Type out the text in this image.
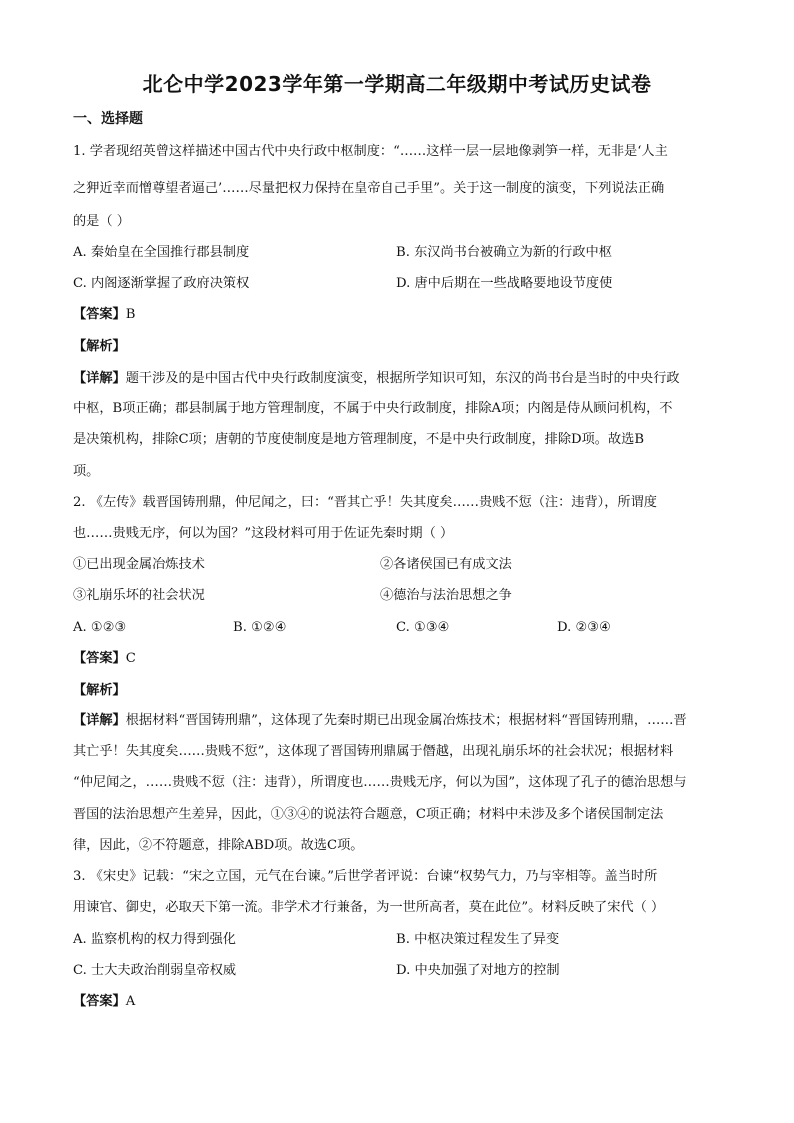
北仑中学2023学年第一学期高二年级期中考试历史试卷
一、选择题
1. 学者现绍英曾这样描述中国古代中央行政中枢制度：“……这样一层一层地像剥笋一样，无非是‘人主
之狎近幸而憎尊望者逼己’……尽量把权力保持在皇帝自己手里”。关于这一制度的演变，下列说法正确
的是（ ）
A. 秦始皇在全国推行郡县制度	B. 东汉尚书台被确立为新的行政中枢
C. 内阁逐渐掌握了政府决策权	D. 唐中后期在一些战略要地设节度使
【答案】B
【解析】
【详解】题干涉及的是中国古代中央行政制度演变，根据所学知识可知，东汉的尚书台是当时的中央行政
中枢，B项正确；郡县制属于地方管理制度，不属于中央行政制度，排除A项；内阁是侍从顾问机构，不
是决策机构，排除C项；唐朝的节度使制度是地方管理制度，不是中央行政制度，排除D项。故选B
项。
2. 《左传》载晋国铸刑鼎，仲尼闻之，曰：“晋其亡乎！失其度矣……贵贱不愆（注：违背），所谓度
也……贵贱无序，何以为国？”这段材料可用于佐证先秦时期（ ）
①已出现金属冶炼技术	②各诸侯国已有成文法
③礼崩乐坏的社会状况	④德治与法治思想之争
A. ①②③	B. ①②④	C. ①③④	D. ②③④
【答案】C
【解析】
【详解】根据材料“晋国铸刑鼎”，这体现了先秦时期已出现金属冶炼技术；根据材料“晋国铸刑鼎，……晋
其亡乎！失其度矣……贵贱不愆”，这体现了晋国铸刑鼎属于僭越，出现礼崩乐坏的社会状况；根据材料
“仲尼闻之，……贵贱不愆（注：违背），所谓度也……贵贱无序，何以为国”，这体现了孔子的德治思想与
晋国的法治思想产生差异，因此，①③④的说法符合题意，C项正确；材料中未涉及多个诸侯国制定法
律，因此，②不符题意，排除ABD项。故选C项。
3. 《宋史》记载：“宋之立国，元气在台谏。”后世学者评说：台谏“权势气力，乃与宰相等。盖当时所
用谏官、御史，必取天下第一流。非学术才行兼备，为一世所高者，莫在此位”。材料反映了宋代（ ）
A. 监察机构的权力得到强化	B. 中枢决策过程发生了异变
C. 士大夫政治削弱皇帝权威	D. 中央加强了对地方的控制
【答案】A
